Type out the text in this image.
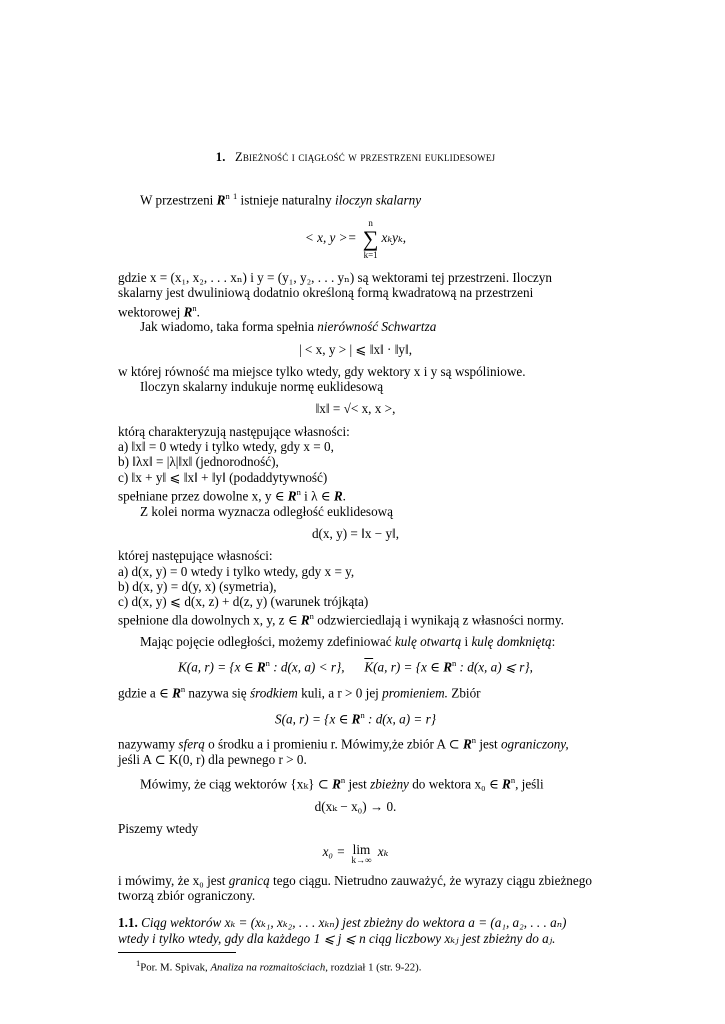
1. Zbieżność i ciągłość w przestrzeni euklidesowej

W przestrzeni $R^n$ $^1$ istnieje naturalny iloczyn skalarny

< x, y >=
n
∑
k=1
xₖyₖ,

gdzie x = (x₁, x₂, . . . xₙ) i y = (y₁, y₂, . . . yₙ) są wektorami tej przestrzeni. Iloczyn skalarny jest dwuliniową dodatnio określoną formą kwadratową na przestrzeni wektorowej $R^n$.

Jak wiadomo, taka forma spełnia nierówność Schwartza

| < x, y > | ⩽ ‖x‖ · ‖y‖,

w której równość ma miejsce tylko wtedy, gdy wektory x i y są wspóliniowe.

Iloczyn skalarny indukuje normę euklidesową

‖x‖ = √< x, x >,

którą charakteryzują następujące własności:

a) ‖x‖ = 0 wtedy i tylko wtedy, gdy x = 0,

b) ‖λx‖ = |λ|‖x‖ (jednorodność),

c) ‖x + y‖ ⩽ ‖x‖ + ‖y‖ (podaddytywność)

spełniane przez dowolne x, y ∈ $R^n$ i λ ∈ R.

Z kolei norma wyznacza odległość euklidesową

d(x, y) = ‖x − y‖,

której następujące własności:

a) d(x, y) = 0 wtedy i tylko wtedy, gdy x = y,

b) d(x, y) = d(y, x) (symetria),

c) d(x, y) ⩽ d(x, z) + d(z, y) (warunek trójkąta)

spełnione dla dowolnych x, y, z ∈ $R^n$ odzwierciedlają i wynikają z własności normy.

Mając pojęcie odległości, możemy zdefiniować kulę otwartą i kulę domkniętą:

K(a, r) = {x ∈ $R^n$ : d(x, a) < r}, $\overline{K}(a$, r) = {x ∈ $R^n$ : d(x, a) ⩽ r},

gdzie a ∈ $R^n$ nazywa się środkiem kuli, a r > 0 jej promieniem. Zbiór

S(a, r) = {x ∈ $R^n$ : d(x, a) = r}

nazywamy sferą o środku a i promieniu r. Mówimy,że zbiór A ⊂ $R^n$ jest ograniczony, jeśli A ⊂ K(0, r) dla pewnego r > 0.

Mówimy, że ciąg wektorów {xₖ} ⊂ $R^n$ jest zbieżny do wektora x₀ ∈ $R^n$, jeśli

d(xₖ − x₀) → 0.

Piszemy wtedy

x₀ = lim
k→∞
xₖ

i mówimy, że x₀ jest granicą tego ciągu. Nietrudno zauważyć, że wyrazy ciągu zbieżnego tworzą zbiór ograniczony.

1.1. Ciąg wektorów xₖ = (xₖ₁, xₖ₂, . . . xₖₙ) jest zbieżny do wektora a = (a₁, a₂, . . . aₙ) wtedy i tylko wtedy, gdy dla każdego 1 ⩽ j ⩽ n ciąg liczbowy xₖⱼ jest zbieżny do aⱼ.

$^1$Por. M. Spivak, Analiza na rozmaitościach, rozdział 1 (str. 9-22).
